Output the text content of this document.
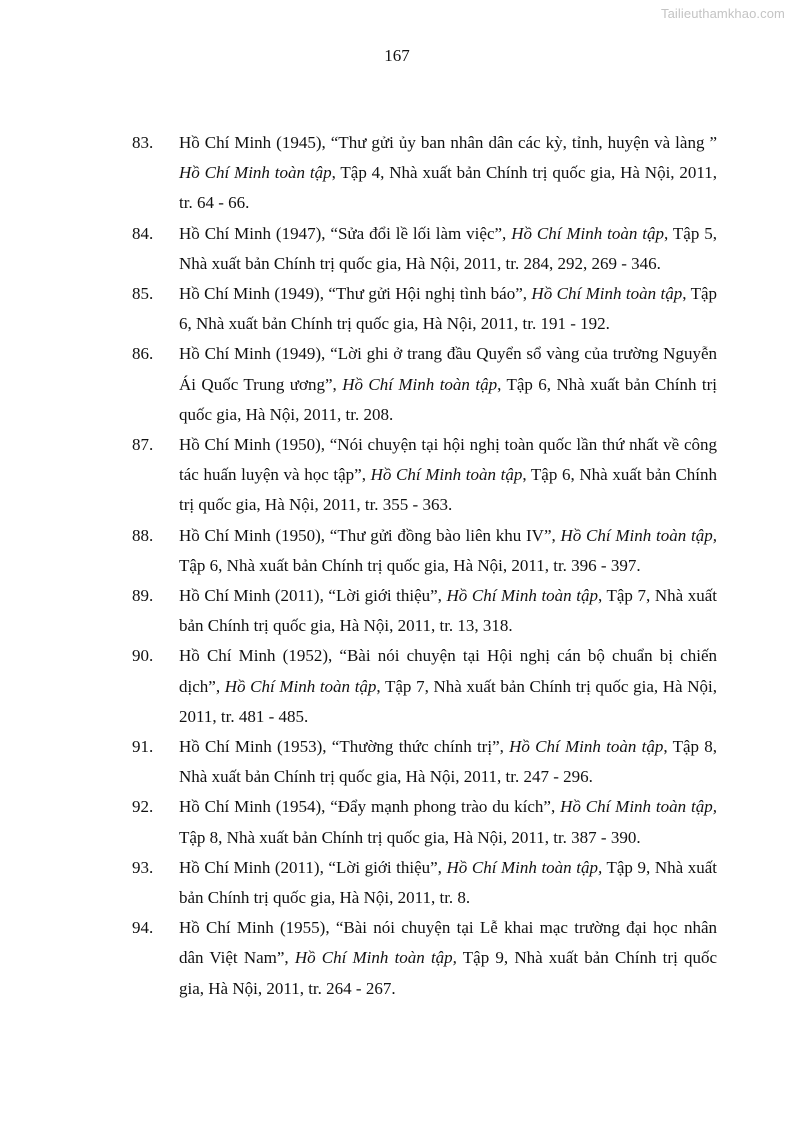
Tailieuthamkhao.com
167
83. Hồ Chí Minh (1945), “Thư gửi ủy ban nhân dân các kỳ, tỉnh, huyện và làng ” Hồ Chí Minh toàn tập, Tập 4, Nhà xuất bản Chính trị quốc gia, Hà Nội, 2011, tr. 64 - 66.
84. Hồ Chí Minh (1947), “Sửa đổi lề lối làm việc”, Hồ Chí Minh toàn tập, Tập 5, Nhà xuất bản Chính trị quốc gia, Hà Nội, 2011, tr. 284, 292, 269 - 346.
85. Hồ Chí Minh (1949), “Thư gửi Hội nghị tình báo”, Hồ Chí Minh toàn tập, Tập 6, Nhà xuất bản Chính trị quốc gia, Hà Nội, 2011, tr. 191 - 192.
86. Hồ Chí Minh (1949), “Lời ghi ở trang đầu Quyển sổ vàng của trường Nguyễn Ái Quốc Trung ương”, Hồ Chí Minh toàn tập, Tập 6, Nhà xuất bản Chính trị quốc gia, Hà Nội, 2011, tr. 208.
87. Hồ Chí Minh (1950), “Nói chuyện tại hội nghị toàn quốc lần thứ nhất về công tác huấn luyện và học tập”, Hồ Chí Minh toàn tập, Tập 6, Nhà xuất bản Chính trị quốc gia, Hà Nội, 2011, tr. 355 - 363.
88. Hồ Chí Minh (1950), “Thư gửi đồng bào liên khu IV”, Hồ Chí Minh toàn tập, Tập 6, Nhà xuất bản Chính trị quốc gia, Hà Nội, 2011, tr. 396 - 397.
89. Hồ Chí Minh (2011), “Lời giới thiệu”, Hồ Chí Minh toàn tập, Tập 7, Nhà xuất bản Chính trị quốc gia, Hà Nội, 2011, tr. 13, 318.
90. Hồ Chí Minh (1952), “Bài nói chuyện tại Hội nghị cán bộ chuẩn bị chiến dịch”, Hồ Chí Minh toàn tập, Tập 7, Nhà xuất bản Chính trị quốc gia, Hà Nội, 2011, tr. 481 - 485.
91. Hồ Chí Minh (1953), “Thường thức chính trị”, Hồ Chí Minh toàn tập, Tập 8, Nhà xuất bản Chính trị quốc gia, Hà Nội, 2011, tr. 247 - 296.
92. Hồ Chí Minh (1954), “Đẩy mạnh phong trào du kích”, Hồ Chí Minh toàn tập, Tập 8, Nhà xuất bản Chính trị quốc gia, Hà Nội, 2011, tr. 387 - 390.
93. Hồ Chí Minh (2011), “Lời giới thiệu”, Hồ Chí Minh toàn tập, Tập 9, Nhà xuất bản Chính trị quốc gia, Hà Nội, 2011, tr. 8.
94. Hồ Chí Minh (1955), “Bài nói chuyện tại Lễ khai mạc trường đại học nhân dân Việt Nam”, Hồ Chí Minh toàn tập, Tập 9, Nhà xuất bản Chính trị quốc gia, Hà Nội, 2011, tr. 264 - 267.
